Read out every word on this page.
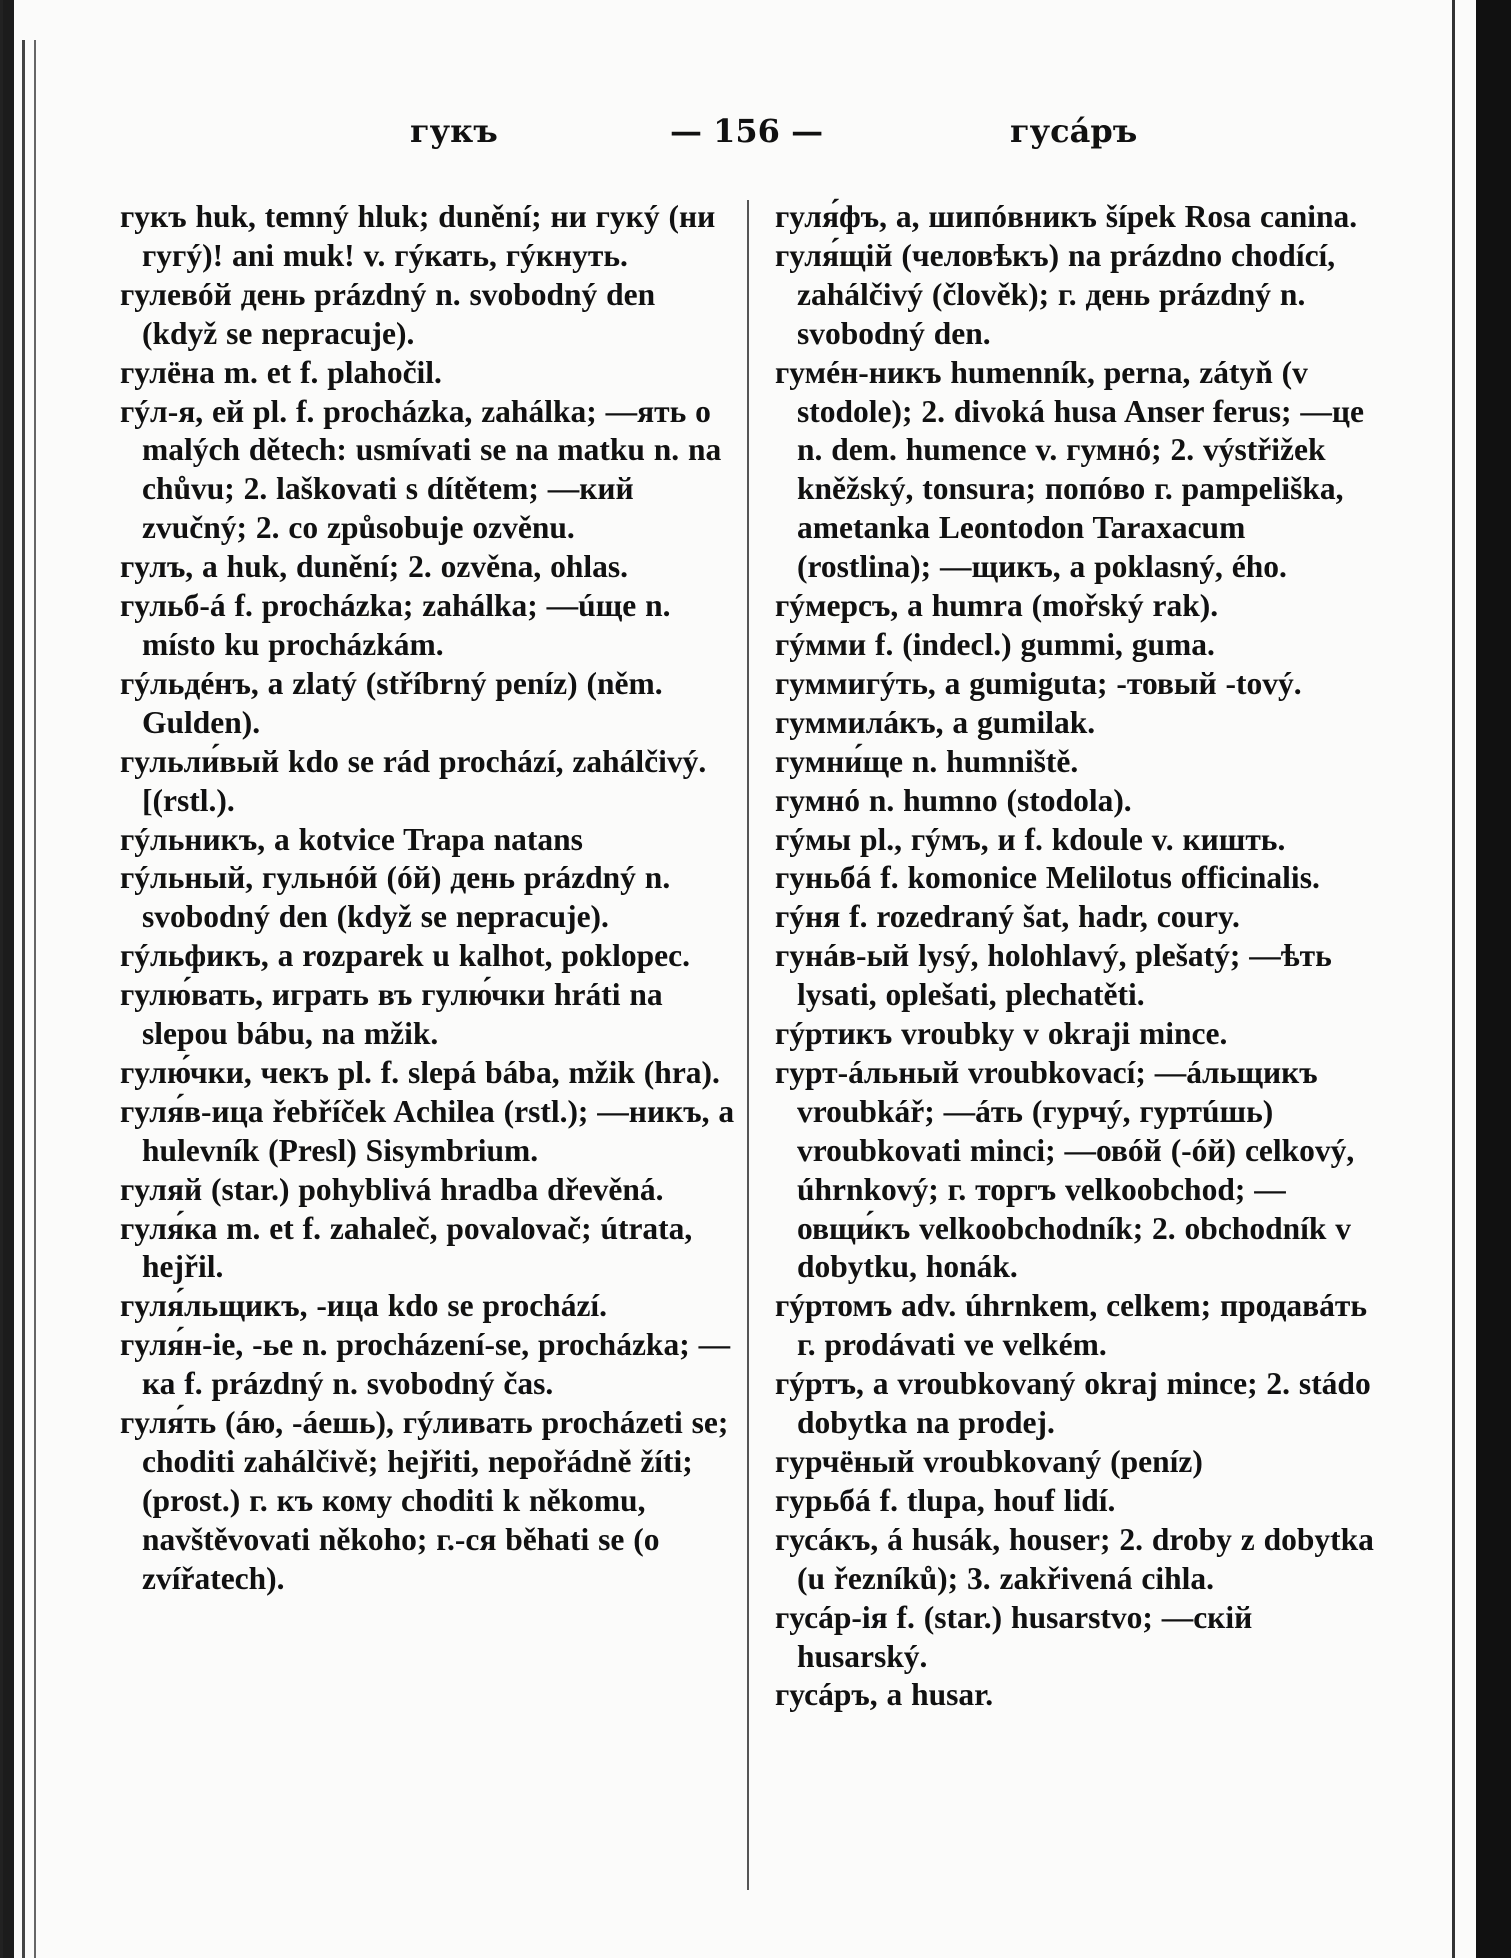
гукъ	— 156 —	гусáръ
гукъ huk, temný hluk; dunění; ни гукý (ни гугý)! ani muk! v. гýкать, гýкнуть.
гулевóй день prázdný n. svobodný den (když se nepracuje).
гулёна m. et f. plahočil.
гýл-я, ей pl. f. procházka, zahálka; —ять o malých dětech: usmívati se na matku n. na chůvu; 2. laškovati s dítětem; —кий zvučný; 2. co způsobuje ozvěnu.
гулъ, а huk, dunění; 2. ozvěna, ohlas.
гульб-á f. procházka; zahálka; —úще n. místo ku procházkám.
гýльдéнъ, а zlatý (stříbrný peníz) (něm. Gulden).
гульли́вый kdo se rád prochází, zahálčivý. [(rstl.).
гýльникъ, а kotvice Trapa natans
гýльный, гульнóй (óй) день prázdný n. svobodný den (když se nepracuje).
гýльфикъ, а rozparek u kalhot, poklopec.
гулю́вать, играть въ гулю́чки hráti na slepou bábu, na mžik.
гулю́чки, чекъ pl. f. slepá bába, mžik (hra).
гуля́в-ица řebříček Achilea (rstl.); —никъ, а hulevník (Presl) Sisymbrium.
гуляй (star.) pohyblivá hradba dřevěná.
гуля́ка m. et f. zahaleč, povalovač; útrata, hejřil.
гуля́льщикъ, -ица kdo se prochází.
гуля́н-ie, -ье n. procházení-se, procházka; —ка f. prázdný n. svobodný čas.
гуля́ть (áю, -áешь), гýливать procházeti se; choditi zahálčivě; hejřiti, nepořádně žíti; (prost.) г. къ кому choditi k někomu, navštěvovati někoho; г.-ся běhati se (o zvířatech).
гуля́фъ, а, шипóвникъ šípek Rosa canina.
гуля́щій (человѣкъ) na prázdno chodící, zahálčivý (člověk); г. день prázdný n. svobodný den.
гумéн-никъ humenník, perna, zátyň (v stodole); 2. divoká husa Anser ferus; —це n. dem. humence v. гумнó; 2. výstřižek kněžský, tonsura; попóво г. pampeliška, ametanka Leontodon Taraxacum (rostlina); —щикъ, а poklasný, ého.
гýмерсъ, а humra (mořský rak).
гýмми f. (indecl.) gummi, guma.
гуммигýть, а gumiguta; -товый -tový.
гуммилáкъ, а gumilak.
гумни́ще n. humniště.
гумнó n. humno (stodola).
гýмы pl., гýмъ, и f. kdoule v. кишть.
гуньбá f. komonice Melilotus officinalis.
гýня f. rozedraný šat, hadr, coury.
гунáв-ый lysý, holohlavý, plešatý; —ѣть lysati, oplešati, plechatěti.
гýртикъ vroubky v okraji mince.
гурт-áльный vroubkovací; —áльщикъ vroubkář; —áть (гурчý, гуртúшь) vroubkovati minci; —овóй (-óй) celkový, úhrnkový; г. торгъ velkoobchod; —овщи́къ velkoobchodník; 2. obchodník v dobytku, honák.
гýртомъ adv. úhrnkem, celkem; продавáть г. prodávati ve velkém.
гýртъ, а vroubkovaný okraj mince; 2. stádo dobytka na prodej.
гурчёный vroubkovaný (peníz)
гурьбá f. tlupa, houf lidí.
гусáкъ, á husák, houser; 2. droby z dobytka (u řezníků); 3. zakřivená cihla.
гусáр-ія f. (star.) husarstvo; —скій husarský.
гусáръ, а husar.
